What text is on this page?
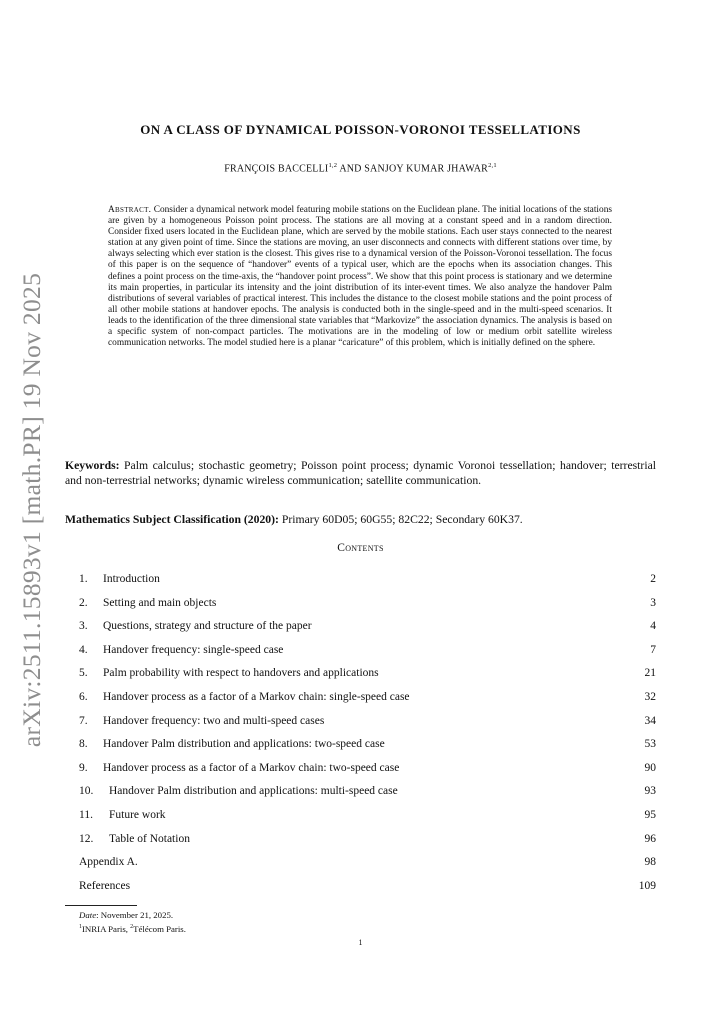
arXiv:2511.15893v1 [math.PR] 19 Nov 2025
ON A CLASS OF DYNAMICAL POISSON-VORONOI TESSELLATIONS
FRANÇOIS BACCELLI$^{1,2}$ AND SANJOY KUMAR JHAWAR$^{2,1}$
Abstract. Consider a dynamical network model featuring mobile stations on the Euclidean plane. The initial locations of the stations are given by a homogeneous Poisson point process. The stations are all moving at a constant speed and in a random direction. Consider fixed users located in the Euclidean plane, which are served by the mobile stations. Each user stays connected to the nearest station at any given point of time. Since the stations are moving, an user disconnects and connects with different stations over time, by always selecting which ever station is the closest. This gives rise to a dynamical version of the Poisson-Voronoi tessellation. The focus of this paper is on the sequence of “handover” events of a typical user, which are the epochs when its association changes. This defines a point process on the time-axis, the “handover point process”. We show that this point process is stationary and we determine its main properties, in particular its intensity and the joint distribution of its inter-event times. We also analyze the handover Palm distributions of several variables of practical interest. This includes the distance to the closest mobile stations and the point process of all other mobile stations at handover epochs. The analysis is conducted both in the single-speed and in the multi-speed scenarios. It leads to the identification of the three dimensional state variables that “Markovize” the association dynamics. The analysis is based on a specific system of non-compact particles. The motivations are in the modeling of low or medium orbit satellite wireless communication networks. The model studied here is a planar “caricature” of this problem, which is initially defined on the sphere.
Keywords: Palm calculus; stochastic geometry; Poisson point process; dynamic Voronoi tessellation; handover; terrestrial and non-terrestrial networks; dynamic wireless communication; satellite communication.
Mathematics Subject Classification (2020): Primary 60D05; 60G55; 82C22; Secondary 60K37.
Contents
1. Introduction	2
2. Setting and main objects	3
3. Questions, strategy and structure of the paper	4
4. Handover frequency: single-speed case	7
5. Palm probability with respect to handovers and applications	21
6. Handover process as a factor of a Markov chain: single-speed case	32
7. Handover frequency: two and multi-speed cases	34
8. Handover Palm distribution and applications: two-speed case	53
9. Handover process as a factor of a Markov chain: two-speed case	90
10. Handover Palm distribution and applications: multi-speed case	93
11. Future work	95
12. Table of Notation	96
Appendix A.	98
References	109
Date: November 21, 2025.
$^1$INRIA Paris, $^2$Télécom Paris.
1
